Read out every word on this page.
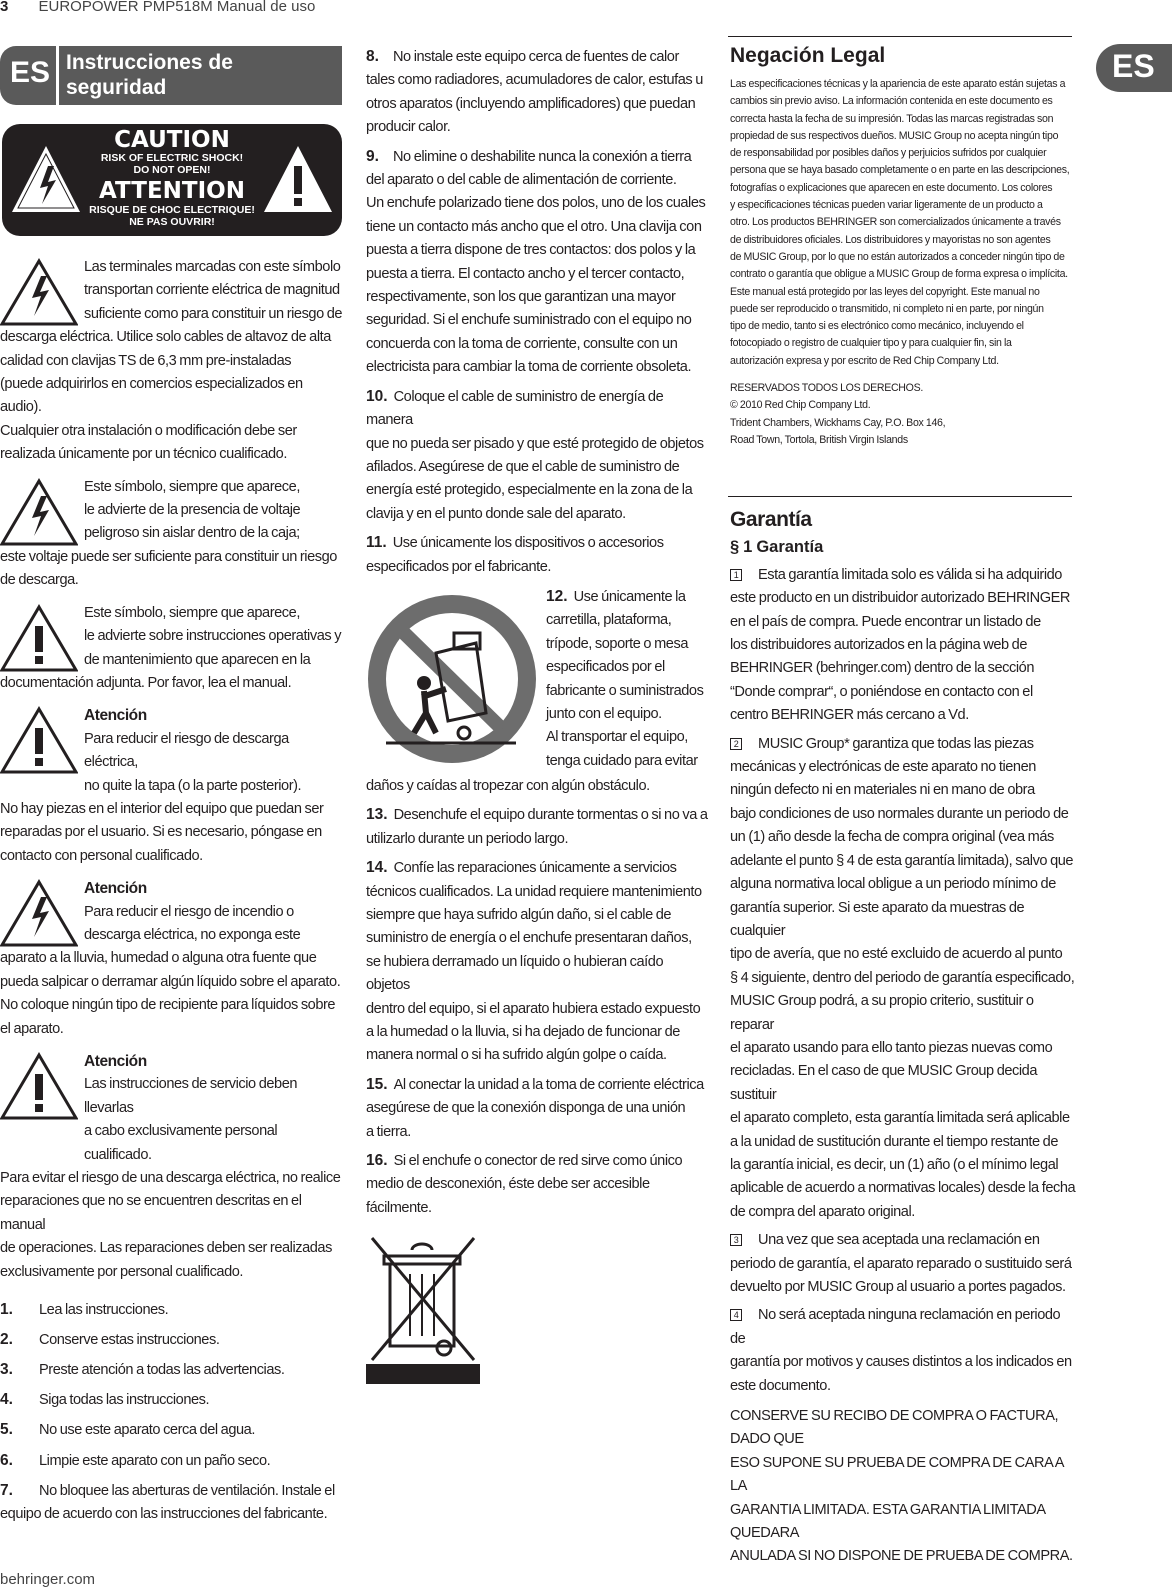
3 EUROPOWER PMP518M Manual de uso
ES
ES Instrucciones de
seguridad
CAUTION
RISK OF ELECTRIC SHOCK!
DO NOT OPEN!
ATTENTION
RISQUE DE CHOC ELECTRIQUE!
NE PAS OUVRIR!
Las terminales marcadas con este símbolo
transportan corriente eléctrica de magnitud
suficiente como para constituir un riesgo de
descarga eléctrica. Utilice solo cables de altavoz de alta
calidad con clavijas TS de 6,3 mm pre-instaladas
(puede adquirirlos en comercios especializados en audio).
Cualquier otra instalación o modificación debe ser
realizada únicamente por un técnico cualificado.
Este símbolo, siempre que aparece,
le advierte de la presencia de voltaje
peligroso sin aislar dentro de la caja;
este voltaje puede ser suficiente para constituir un riesgo
de descarga.
Este símbolo, siempre que aparece,
le advierte sobre instrucciones operativas y
de mantenimiento que aparecen en la
documentación adjunta. Por favor, lea el manual.
Atención
Para reducir el riesgo de descarga eléctrica,
no quite la tapa (o la parte posterior).
No hay piezas en el interior del equipo que puedan ser
reparadas por el usuario. Si es necesario, póngase en
contacto con personal cualificado.
Atención
Para reducir el riesgo de incendio o
descarga eléctrica, no exponga este
aparato a la lluvia, humedad o alguna otra fuente que
pueda salpicar o derramar algún líquido sobre el aparato.
No coloque ningún tipo de recipiente para líquidos sobre
el aparato.
Atención
Las instrucciones de servicio deben llevarlas
a cabo exclusivamente personal cualificado.
Para evitar el riesgo de una descarga eléctrica, no realice
reparaciones que no se encuentren descritas en el manual
de operaciones. Las reparaciones deben ser realizadas
exclusivamente por personal cualificado.
1. Lea las instrucciones.
2. Conserve estas instrucciones.
3. Preste atención a todas las advertencias.
4. Siga todas las instrucciones.
5. No use este aparato cerca del agua.
6. Limpie este aparato con un paño seco.
7. No bloquee las aberturas de ventilación. Instale el
equipo de acuerdo con las instrucciones del fabricante.
8. No instale este equipo cerca de fuentes de calor
tales como radiadores, acumuladores de calor, estufas u
otros aparatos (incluyendo amplificadores) que puedan
producir calor.
9. No elimine o deshabilite nunca la conexión a tierra
del aparato o del cable de alimentación de corriente.
Un enchufe polarizado tiene dos polos, uno de los cuales
tiene un contacto más ancho que el otro. Una clavija con
puesta a tierra dispone de tres contactos: dos polos y la
puesta a tierra. El contacto ancho y el tercer contacto,
respectivamente, son los que garantizan una mayor
seguridad. Si el enchufe suministrado con el equipo no
concuerda con la toma de corriente, consulte con un
electricista para cambiar la toma de corriente obsoleta.
10. Coloque el cable de suministro de energía de manera
que no pueda ser pisado y que esté protegido de objetos
afilados. Asegúrese de que el cable de suministro de
energía esté protegido, especialmente en la zona de la
clavija y en el punto donde sale del aparato.
11. Use únicamente los dispositivos o accesorios
especificados por el fabricante.
12. Use únicamente la
carretilla, plataforma,
trípode, soporte o mesa
especificados por el
fabricante o suministrados
junto con el equipo.
Al transportar el equipo,
tenga cuidado para evitar
daños y caídas al tropezar con algún obstáculo.
13. Desenchufe el equipo durante tormentas o si no va a
utilizarlo durante un periodo largo.
14. Confíe las reparaciones únicamente a servicios
técnicos cualificados. La unidad requiere mantenimiento
siempre que haya sufrido algún daño, si el cable de
suministro de energía o el enchufe presentaran daños,
se hubiera derramado un líquido o hubieran caído objetos
dentro del equipo, si el aparato hubiera estado expuesto
a la humedad o la lluvia, si ha dejado de funcionar de
manera normal o si ha sufrido algún golpe o caída.
15. Al conectar la unidad a la toma de corriente eléctrica
asegúrese de que la conexión disponga de una unión
a tierra.
16. Si el enchufe o conector de red sirve como único
medio de desconexión, éste debe ser accesible fácilmente.
Negación Legal
Las especificaciones técnicas y la apariencia de este aparato están sujetas a
cambios sin previo aviso. La información contenida en este documento es
correcta hasta la fecha de su impresión. Todas las marcas registradas son
propiedad de sus respectivos dueños. MUSIC Group no acepta ningún tipo
de responsabilidad por posibles daños y perjuicios sufridos por cualquier
persona que se haya basado completamente o en parte en las descripciones,
fotografías o explicaciones que aparecen en este documento. Los colores
y especificaciones técnicas pueden variar ligeramente de un producto a
otro. Los productos BEHRINGER son comercializados únicamente a través
de distribuidores oficiales. Los distribuidores y mayoristas no son agentes
de MUSIC Group, por lo que no están autorizados a conceder ningún tipo de
contrato o garantía que obligue a MUSIC Group de forma expresa o implícita.
Este manual está protegido por las leyes del copyright. Este manual no
puede ser reproducido o transmitido, ni completo ni en parte, por ningún
tipo de medio, tanto si es electrónico como mecánico, incluyendo el
fotocopiado o registro de cualquier tipo y para cualquier fin, sin la
autorización expresa y por escrito de Red Chip Company Ltd.
RESERVADOS TODOS LOS DERECHOS.
© 2010 Red Chip Company Ltd.
Trident Chambers, Wickhams Cay, P.O. Box 146,
Road Town, Tortola, British Virgin Islands
Garantía
§ 1 Garantía
1 Esta garantía limitada solo es válida si ha adquirido
este producto en un distribuidor autorizado BEHRINGER
en el país de compra. Puede encontrar un listado de
los distribuidores autorizados en la página web de
BEHRINGER (behringer.com) dentro de la sección
“Donde comprar“, o poniéndose en contacto con el
centro BEHRINGER más cercano a Vd.
2 MUSIC Group* garantiza que todas las piezas
mecánicas y electrónicas de este aparato no tienen
ningún defecto ni en materiales ni en mano de obra
bajo condiciones de uso normales durante un periodo de
un (1) año desde la fecha de compra original (vea más
adelante el punto § 4 de esta garantía limitada), salvo que
alguna normativa local obligue a un periodo mínimo de
garantía superior. Si este aparato da muestras de cualquier
tipo de avería, que no esté excluido de acuerdo al punto
§ 4 siguiente, dentro del periodo de garantía especificado,
MUSIC Group podrá, a su propio criterio, sustituir o reparar
el aparato usando para ello tanto piezas nuevas como
recicladas. En el caso de que MUSIC Group decida sustituir
el aparato completo, esta garantía limitada será aplicable
a la unidad de sustitución durante el tiempo restante de
la garantía inicial, es decir, un (1) año (o el mínimo legal
aplicable de acuerdo a normativas locales) desde la fecha
de compra del aparato original.
3 Una vez que sea aceptada una reclamación en
periodo de garantía, el aparato reparado o sustituido será
devuelto por MUSIC Group al usuario a portes pagados.
4 No será aceptada ninguna reclamación en periodo de
garantía por motivos y causes distintos a los indicados en
este documento.
CONSERVE SU RECIBO DE COMPRA O FACTURA, DADO QUE
ESO SUPONE SU PRUEBA DE COMPRA DE CARA A LA
GARANTIA LIMITADA. ESTA GARANTIA LIMITADA QUEDARA
ANULADA SI NO DISPONE DE PRUEBA DE COMPRA.
behringer.com
